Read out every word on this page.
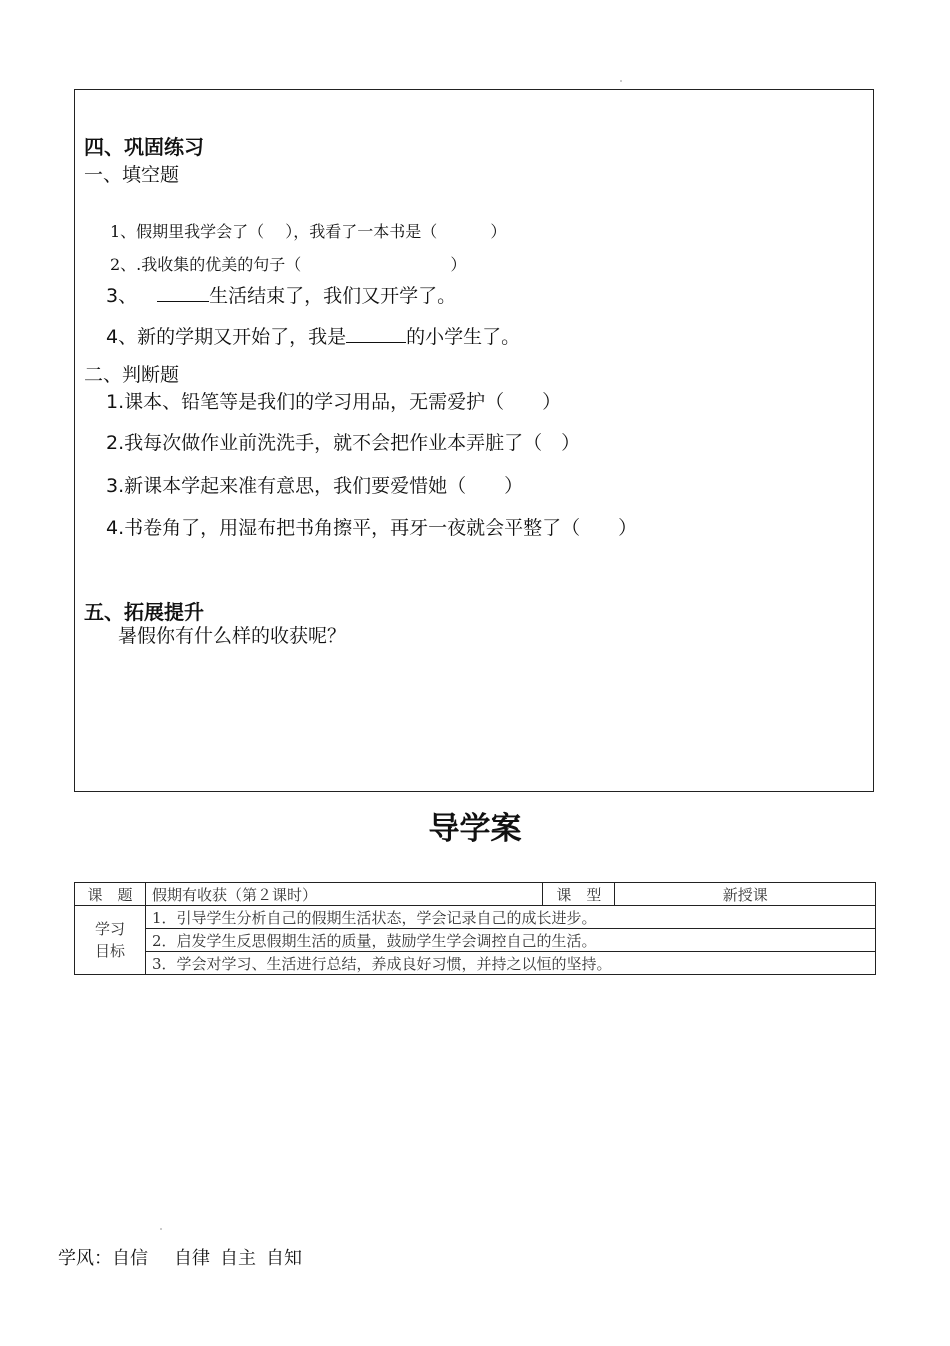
四、巩固练习
一、填空题
1、假期里我学会了（　 ），我看了一本书是（　　　 ）
2、.我收集的优美的句子（　　　　　　　　　 ）
3、	生活结束了，我们又开学了。
4、新的学期又开始了，我是	的小学生了。
二、判断题
1.课本、铅笔等是我们的学习用品，无需爱护（　　）
2.我每次做作业前洗洗手，就不会把作业本弄脏了（　）
3.新课本学起来准有意思，我们要爱惜她（　　）
4.书卷角了，用湿布把书角擦平，再牙一夜就会平整了（　　）
五、拓展提升
暑假你有什么样的收获呢？
导学案
课　题	假期有收获（第２课时）	课　型	新授课
学习
目标	1．引导学生分析自己的假期生活状态，学会记录自己的成长进步。		
	2．启发学生反思假期生活的质量，鼓励学生学会调控自己的生活。		
	3．学会对学习、生活进行总结，养成良好习惯，并持之以恒的坚持。		
学风：自信 自律 自主 自知
